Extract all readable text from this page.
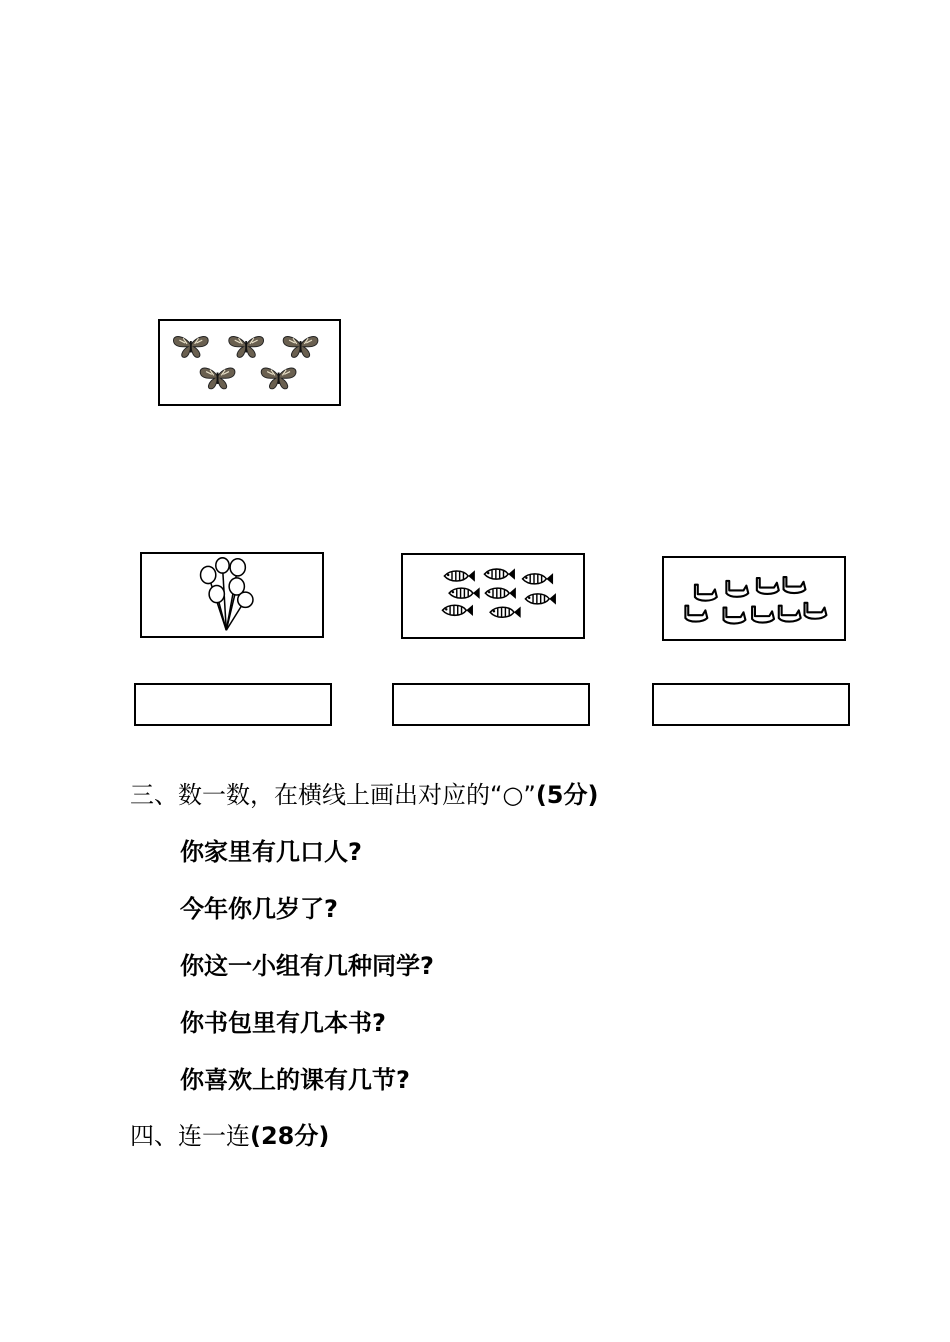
三、数一数，在横线上画出对应的“○”(5分)
你家里有几口人?
今年你几岁了?
你这一小组有几种同学?
你书包里有几本书?
你喜欢上的课有几节?
四、连一连(28分)
